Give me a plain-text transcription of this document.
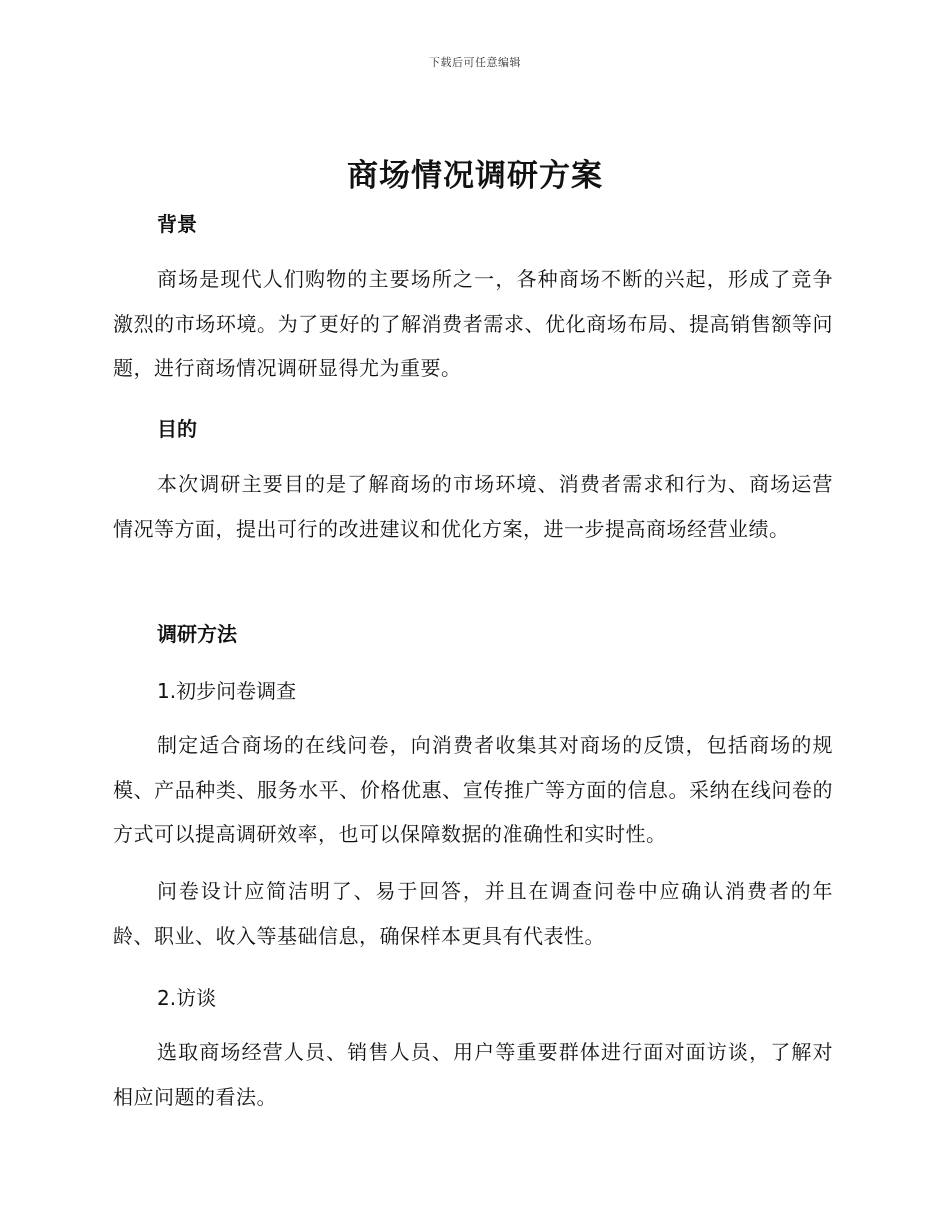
下载后可任意编辑
商场情况调研方案
背景

商场是现代人们购物的主要场所之一，各种商场不断的兴起，形成了竞争激烈的市场环境。为了更好的了解消费者需求、优化商场布局、提高销售额等问题，进行商场情况调研显得尤为重要。

目的

本次调研主要目的是了解商场的市场环境、消费者需求和行为、商场运营情况等方面，提出可行的改进建议和优化方案，进一步提高商场经营业绩。

调研方法

1.初步问卷调查

制定适合商场的在线问卷，向消费者收集其对商场的反馈，包括商场的规模、产品种类、服务水平、价格优惠、宣传推广等方面的信息。采纳在线问卷的方式可以提高调研效率，也可以保障数据的准确性和实时性。

问卷设计应简洁明了、易于回答，并且在调查问卷中应确认消费者的年龄、职业、收入等基础信息，确保样本更具有代表性。

2.访谈

选取商场经营人员、销售人员、用户等重要群体进行面对面访谈，了解对相应问题的看法。
